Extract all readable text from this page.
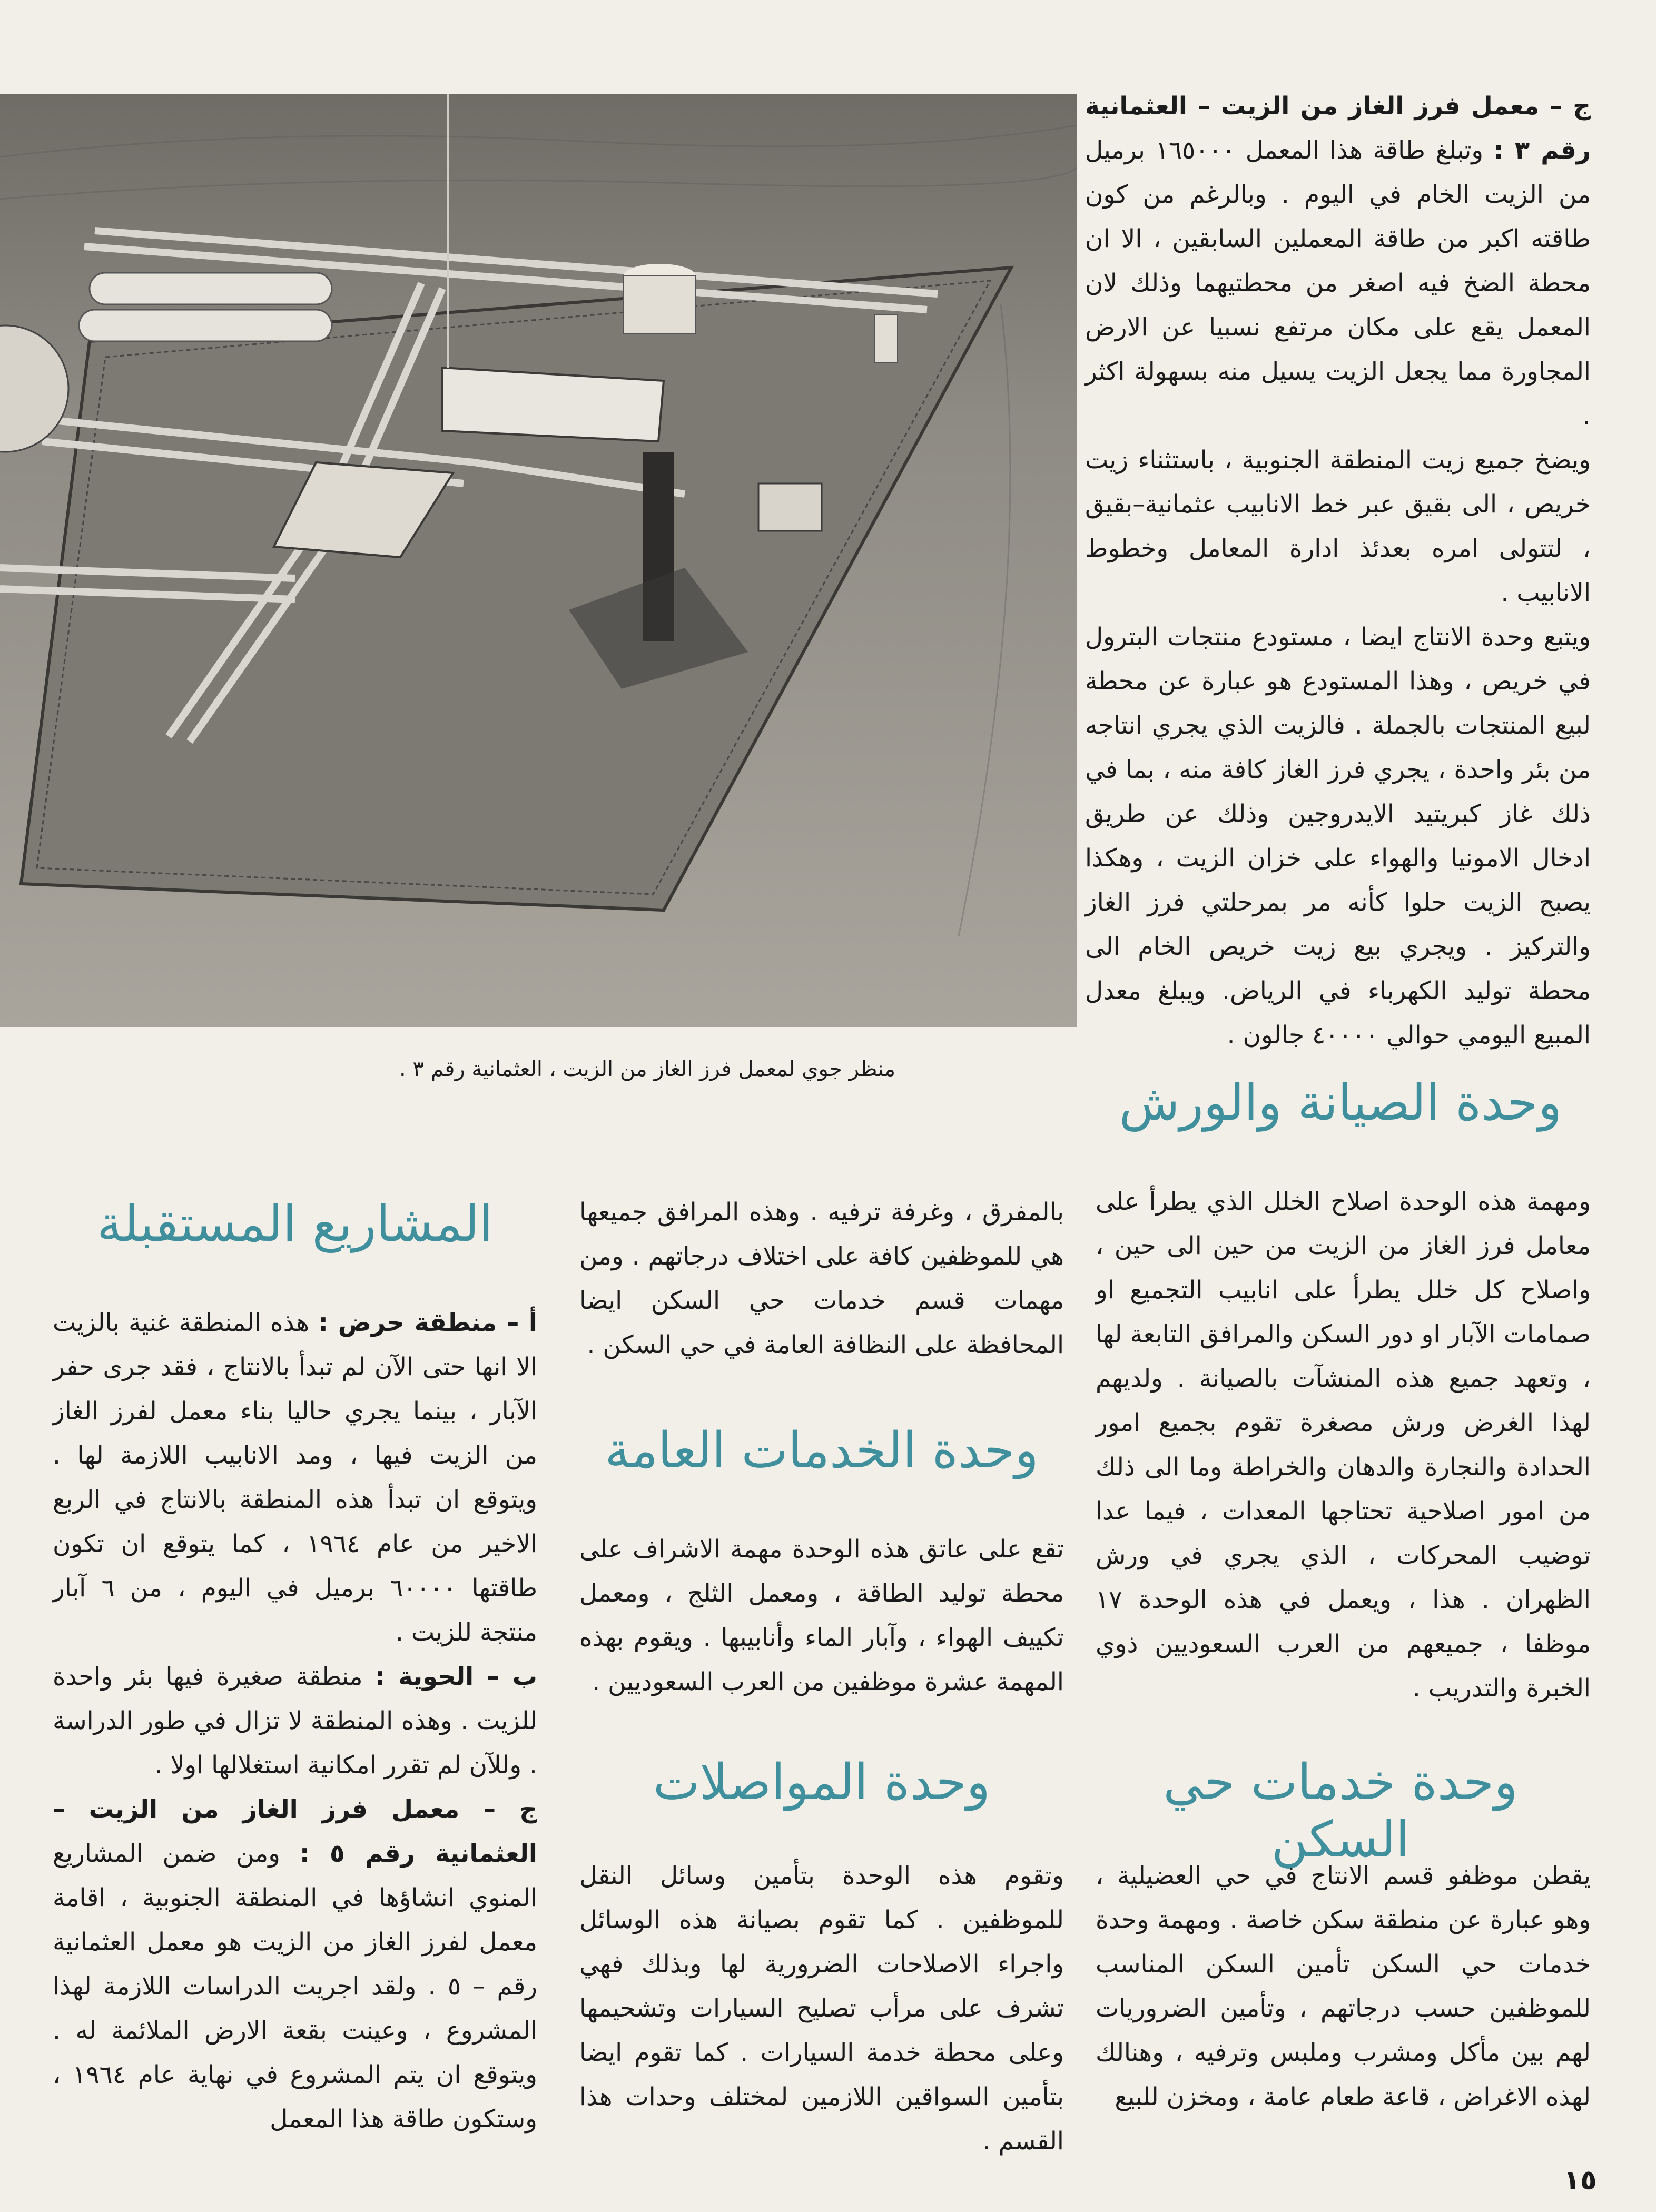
منظر جوي لمعمل فرز الغاز من الزيت ، العثمانية رقم ٣ .

ج – معمل فرز الغاز من الزيت – العثمانية رقم ٣ : وتبلغ طاقة هذا المعمل ١٦٥٠٠٠ برميل من الزيت الخام في اليوم . وبالرغم من كون طاقته اكبر من طاقة المعملين السابقين ، الا ان محطة الضخ فيه اصغر من محطتيهما وذلك لان المعمل يقع على مكان مرتفع نسبيا عن الارض المجاورة مما يجعل الزيت يسيل منه بسهولة اكثر .

ويضخ جميع زيت المنطقة الجنوبية ، باستثناء زيت خريص ، الى بقيق عبر خط الانابيب عثمانية–بقيق ، لتتولى امره بعدئذ ادارة المعامل وخطوط الانابيب .

ويتبع وحدة الانتاج ايضا ، مستودع منتجات البترول في خريص ، وهذا المستودع هو عبارة عن محطة لبيع المنتجات بالجملة . فالزيت الذي يجري انتاجه من بئر واحدة ، يجري فرز الغاز كافة منه ، بما في ذلك غاز كبريتيد الايدروجين وذلك عن طريق ادخال الامونيا والهواء على خزان الزيت ، وهكذا يصبح الزيت حلوا كأنه مر بمرحلتي فرز الغاز والتركيز . ويجري بيع زيت خريص الخام الى محطة توليد الكهرباء في الرياض. ويبلغ معدل المبيع اليومي حوالي ٤٠٠٠٠ جالون .

وحدة الصيانة والورش

ومهمة هذه الوحدة اصلاح الخلل الذي يطرأ على معامل فرز الغاز من الزيت من حين الى حين ، واصلاح كل خلل يطرأ على انابيب التجميع او صمامات الآبار او دور السكن والمرافق التابعة لها ، وتعهد جميع هذه المنشآت بالصيانة . ولديهم لهذا الغرض ورش مصغرة تقوم بجميع امور الحدادة والنجارة والدهان والخراطة وما الى ذلك من امور اصلاحية تحتاجها المعدات ، فيما عدا توضيب المحركات ، الذي يجري في ورش الظهران . هذا ، ويعمل في هذه الوحدة ١٧ موظفا ، جميعهم من العرب السعوديين ذوي الخبرة والتدريب .

وحدة خدمات حي السكن

يقطن موظفو قسم الانتاج في حي العضيلية ، وهو عبارة عن منطقة سكن خاصة . ومهمة وحدة خدمات حي السكن تأمين السكن المناسب للموظفين حسب درجاتهم ، وتأمين الضروريات لهم بين مأكل ومشرب وملبس وترفيه ، وهنالك لهذه الاغراض ، قاعة طعام عامة ، ومخزن للبيع

بالمفرق ، وغرفة ترفيه . وهذه المرافق جميعها هي للموظفين كافة على اختلاف درجاتهم . ومن مهمات قسم خدمات حي السكن ايضا المحافظة على النظافة العامة في حي السكن .

وحدة الخدمات العامة

تقع على عاتق هذه الوحدة مهمة الاشراف على محطة توليد الطاقة ، ومعمل الثلج ، ومعمل تكييف الهواء ، وآبار الماء وأنابيبها . ويقوم بهذه المهمة عشرة موظفين من العرب السعوديين .

وحدة المواصلات

وتقوم هذه الوحدة بتأمين وسائل النقل للموظفين . كما تقوم بصيانة هذه الوسائل واجراء الاصلاحات الضرورية لها وبذلك فهي تشرف على مرأب تصليح السيارات وتشحيمها وعلى محطة خدمة السيارات . كما تقوم ايضا بتأمين السواقين اللازمين لمختلف وحدات هذا القسم .

المشاريع المستقبلة

أ – منطقة حرض : هذه المنطقة غنية بالزيت الا انها حتى الآن لم تبدأ بالانتاج ، فقد جرى حفر الآبار ، بينما يجري حاليا بناء معمل لفرز الغاز من الزيت فيها ، ومد الانابيب اللازمة لها . ويتوقع ان تبدأ هذه المنطقة بالانتاج في الربع الاخير من عام ١٩٦٤ ، كما يتوقع ان تكون طاقتها ٦٠٠٠٠ برميل في اليوم ، من ٦ آبار منتجة للزيت .

ب – الحوية : منطقة صغيرة فيها بئر واحدة للزيت . وهذه المنطقة لا تزال في طور الدراسة . وللآن لم تقرر امكانية استغلالها اولا .

ج – معمل فرز الغاز من الزيت – العثمانية رقم ٥ : ومن ضمن المشاريع المنوي انشاؤها في المنطقة الجنوبية ، اقامة معمل لفرز الغاز من الزيت هو معمل العثمانية رقم – ٥ . ولقد اجريت الدراسات اللازمة لهذا المشروع ، وعينت بقعة الارض الملائمة له . ويتوقع ان يتم المشروع في نهاية عام ١٩٦٤ ، وستكون طاقة هذا المعمل

١٥
